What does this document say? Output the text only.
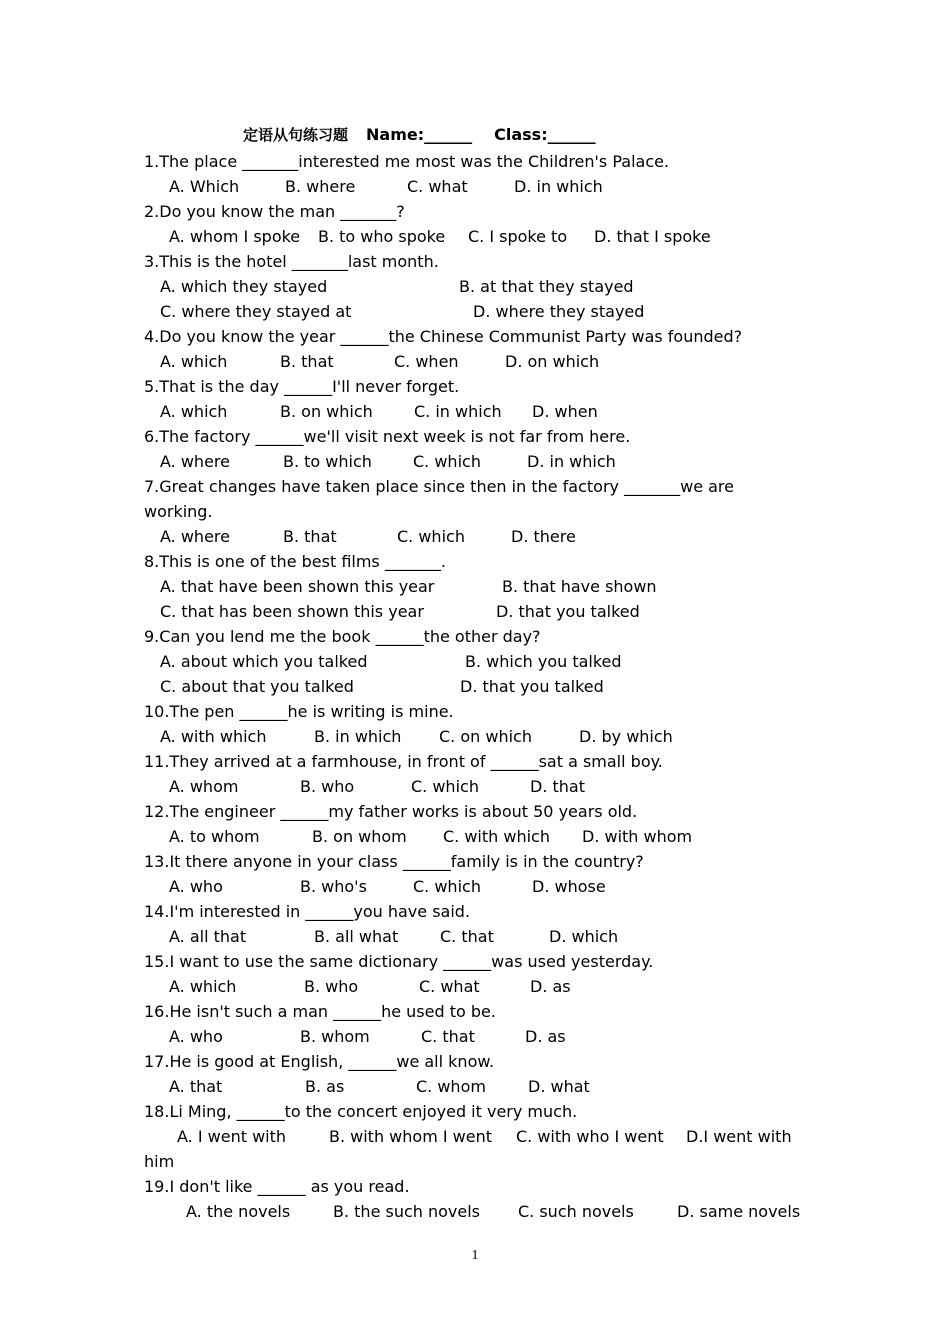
定语从句练习题 Name:______ Class:______
1.The place _______interested me most was the Children's Palace.
A. Which	B. where	C. what	D. in which
2.Do you know the man _______?
A. whom I spoke B. to who spoke C. I spoke to D. that I spoke
3.This is the hotel _______last month.
A. which they stayed	B. at that they stayed
C. where they stayed at	D. where they stayed
4.Do you know the year ______the Chinese Communist Party was founded?
A. which	B. that	C. when	D. on which
5.That is the day ______I'll never forget.
A. which	B. on which	C. in which D. when
6.The factory ______we'll visit next week is not far from here.
A. where	B. to which	C. which	D. in which
7.Great changes have taken place since then in the factory _______we are
working.
A. where	B. that	C. which	D. there
8.This is one of the best films _______.
A. that have been shown this year	B. that have shown
C. that has been shown this year	D. that you talked
9.Can you lend me the book ______the other day?
A. about which you talked	B. which you talked
C. about that you talked	D. that you talked
10.The pen ______he is writing is mine.
A. with which	B. in which C. on which	D. by which
11.They arrived at a farmhouse, in front of ______sat a small boy.
A. whom	B. who	C. which	D. that
12.The engineer ______my father works is about 50 years old.
A. to whom	B. on whom C. with which D. with whom
13.It there anyone in your class ______family is in the country?
A. who	B. who's	C. which	D. whose
14.I'm interested in ______you have said.
A. all that	B. all what	C. that	D. which
15.I want to use the same dictionary ______was used yesterday.
A. which	B. who	C. what	D. as
16.He isn't such a man ______he used to be.
A. who	B. whom	C. that	D. as
17.He is good at English, ______we all know.
A. that	B. as	C. whom	D. what
18.Li Ming, ______to the concert enjoyed it very much.
A. I went with	B. with whom I went C. with who I went D.I went with
him
19.I don't like ______ as you read.
A. the novels	B. the such novels C. such novels	D. same novels
1
